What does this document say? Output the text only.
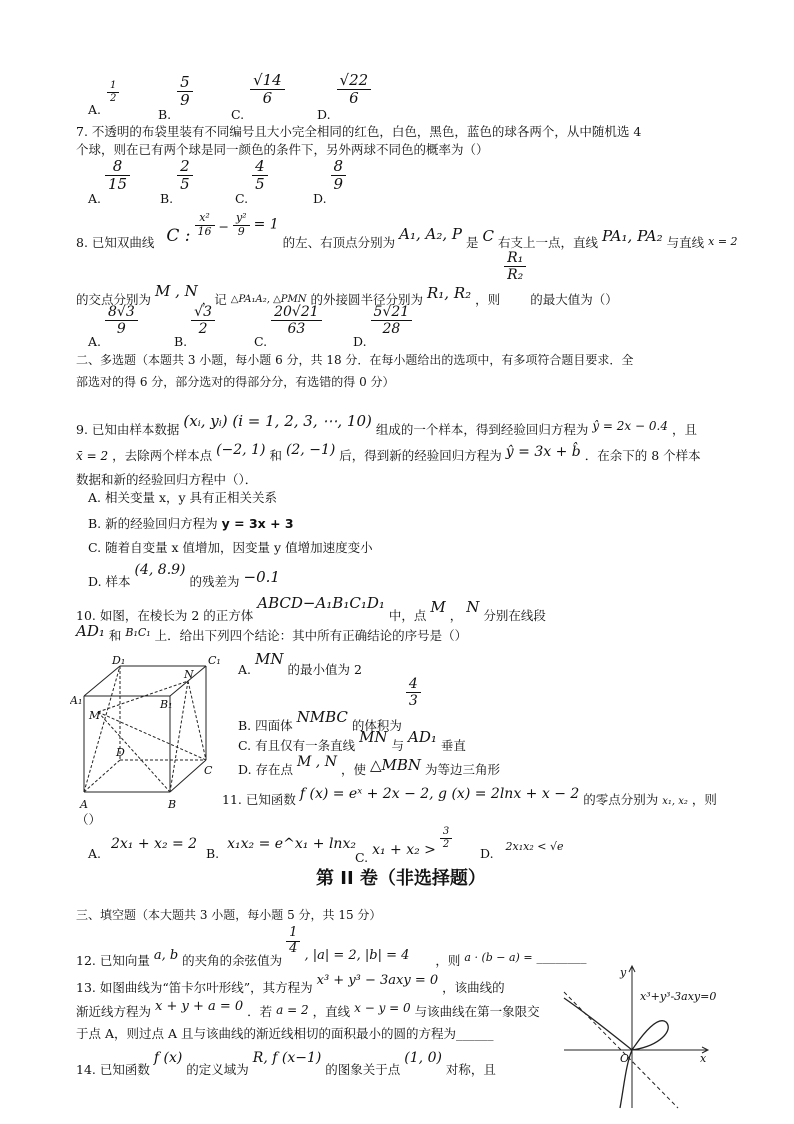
A.
$\frac{1}{2}$
B.
$\frac{5}{9}$
C.
$\frac{√14}{6}$
D.
$\frac{√22}{6}$
7. 不透明的布袋里装有不同编号且大小完全相同的红色，白色，黑色，蓝色的球各两个，从中随机选 4
个球，则在已有两个球是同一颜色的条件下，另外两球不同色的概率为（）
A.
$\frac{8}{15}$
B.
$\frac{2}{5}$
C.
$\frac{4}{5}$
D.
$\frac{8}{9}$
8. 已知双曲线 C : $\frac{\text{x²}}{16} - \frac{\text{y²}}{9} = 1$ 的左、右顶点分别为 A₁, A₂, P 是 C 右支上一点，直线 PA₁, PA₂ 与直线 x = 2
的交点分别为 M , N ，记 $_{\triangle PA_1A_2, \triangle PMN}$ 的外接圆半径分别为 R₁, R₂ ，则
$\frac{\text{R₁}}{\text{R₂}}$
的最大值为（）
A.
$\frac{8√3}{9}$
B.
$\frac{√3}{2}$
C.
$\frac{20√21}{63}$
D.
$\frac{5√21}{28}$
二、多选题（本题共 3 小题，每小题 6 分，共 18 分．在每小题给出的选项中，有多项符合题目要求．全
部选对的得 6 分，部分选对的得部分分，有选错的得 0 分）
9. 已知由样本数据 (xᵢ, yᵢ) (i = 1, 2, 3, ⋯, 10) 组成的一个样本，得到经验回归方程为 ŷ = 2x − 0.4 ，且
x̄ = 2 ，去除两个样本点 (−2, 1) 和 (2, −1) 后，得到新的经验回归方程为 ŷ = 3x + b̂ ．在余下的 8 个样本
数据和新的经验回归方程中（）．
A. 相关变量 x，y 具有正相关关系
B. 新的经验回归方程为 y = 3x + 3
C. 随着自变量 x 值增加，因变量 y 值增加速度变小
D. 样本 (4, 8.9) 的残差为 −0.1
10. 如图，在棱长为 2 的正方体 ABCD−A₁B₁C₁D₁ 中，点 M ， N 分别在线段
AD₁ 和 B₁C₁ 上．给出下列四个结论：其中所有正确结论的序号是（）
D₁	C₁
N
A₁
M
B₁
D
C
A	B
A. MN 的最小值为 2
B. 四面体 NMBC 的体积为
$\frac{4}{3}$
C. 有且仅有一条直线 MN 与 AD₁ 垂直
D. 存在点 M , N ，使 △MBN 为等边三角形
11. 已知函数 f (x) = eˣ + 2x − 2, g (x) = 2lnx + x − 2 的零点分别为 $_{x_1, x_2}$ ，则
（）
A. 2x₁ + x₂ = 2
B. x₁x₂ = e^x₁ + lnx₂
C. $x_1 + x_2 > \frac{3}{2}$
D. 2x₁x₂ < √e
第 II 卷（非选择题）
三、填空题（本大题共 3 小题，每小题 5 分，共 15 分）
12. 已知向量 a, b 的夹角的余弦值为
$\frac{1}{4}$ , |a| = 2, |b| = 4 ，则 a · (b − a) = ________
13. 如图曲线为“笛卡尔叶形线”，其方程为 x³ + y³ − 3axy = 0 ，该曲线的
渐近线方程为 x + y + a = 0 ．若 a = 2 ，直线 x − y = 0 与该曲线在第一象限交
于点 A，则过点 A 且与该曲线的渐近线相切的面积最小的圆的方程为______
x³+y³-3axy=0
y
x
O
14. 已知函数 f (x) 的定义域为 R, f (x−1) 的图象关于点 (1, 0) 对称，且
